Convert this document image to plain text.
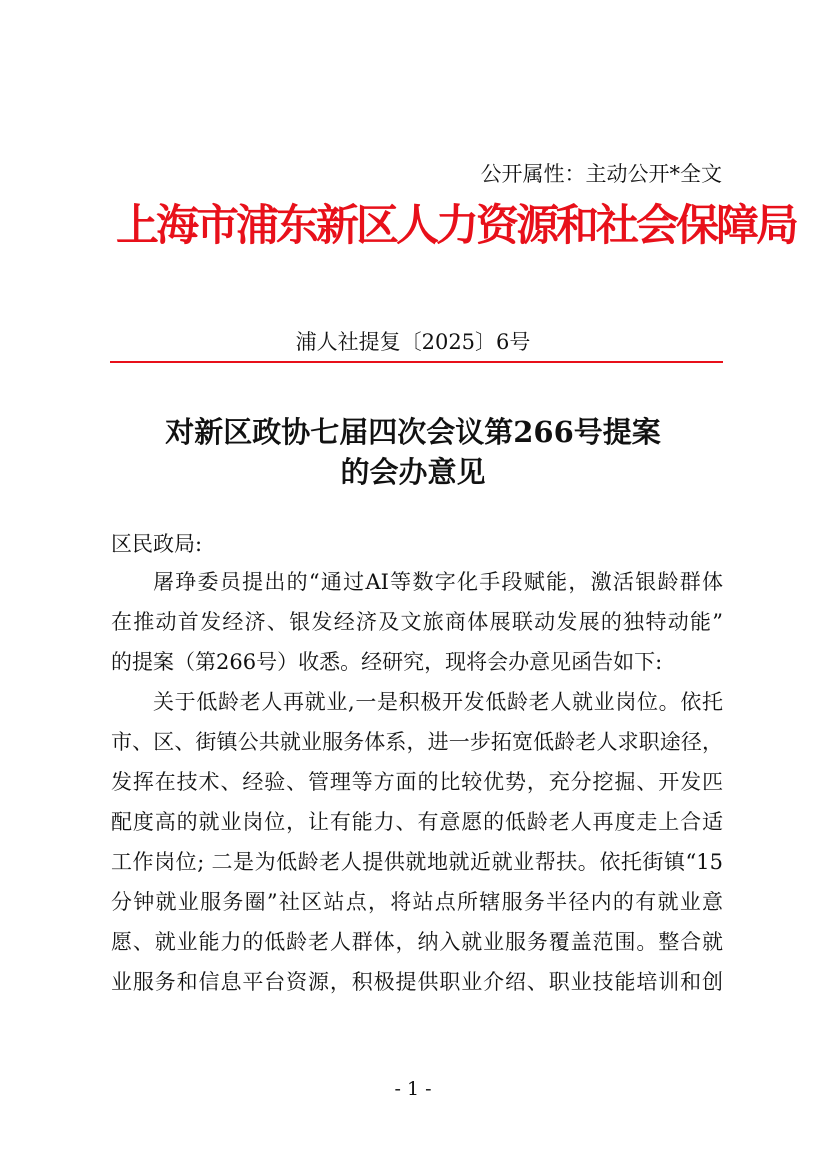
公开属性：主动公开*全文
上海市浦东新区人力资源和社会保障局
浦人社提复〔2025〕6号
对新区政协七届四次会议第266号提案
的会办意见
区民政局:
屠琤委员提出的“通过AI等数字化手段赋能，激活银龄群体
在推动首发经济、银发经济及文旅商体展联动发展的独特动能”
的提案（第266号）收悉。经研究，现将会办意见函告如下:
关于低龄老人再就业,一是积极开发低龄老人就业岗位。依托
市、区、街镇公共就业服务体系，进一步拓宽低龄老人求职途径，
发挥在技术、经验、管理等方面的比较优势，充分挖掘、开发匹
配度高的就业岗位，让有能力、有意愿的低龄老人再度走上合适
工作岗位; 二是为低龄老人提供就地就近就业帮扶。依托街镇“15
分钟就业服务圈”社区站点，将站点所辖服务半径内的有就业意
愿、就业能力的低龄老人群体，纳入就业服务覆盖范围。整合就
业服务和信息平台资源，积极提供职业介绍、职业技能培训和创
- 1 -
